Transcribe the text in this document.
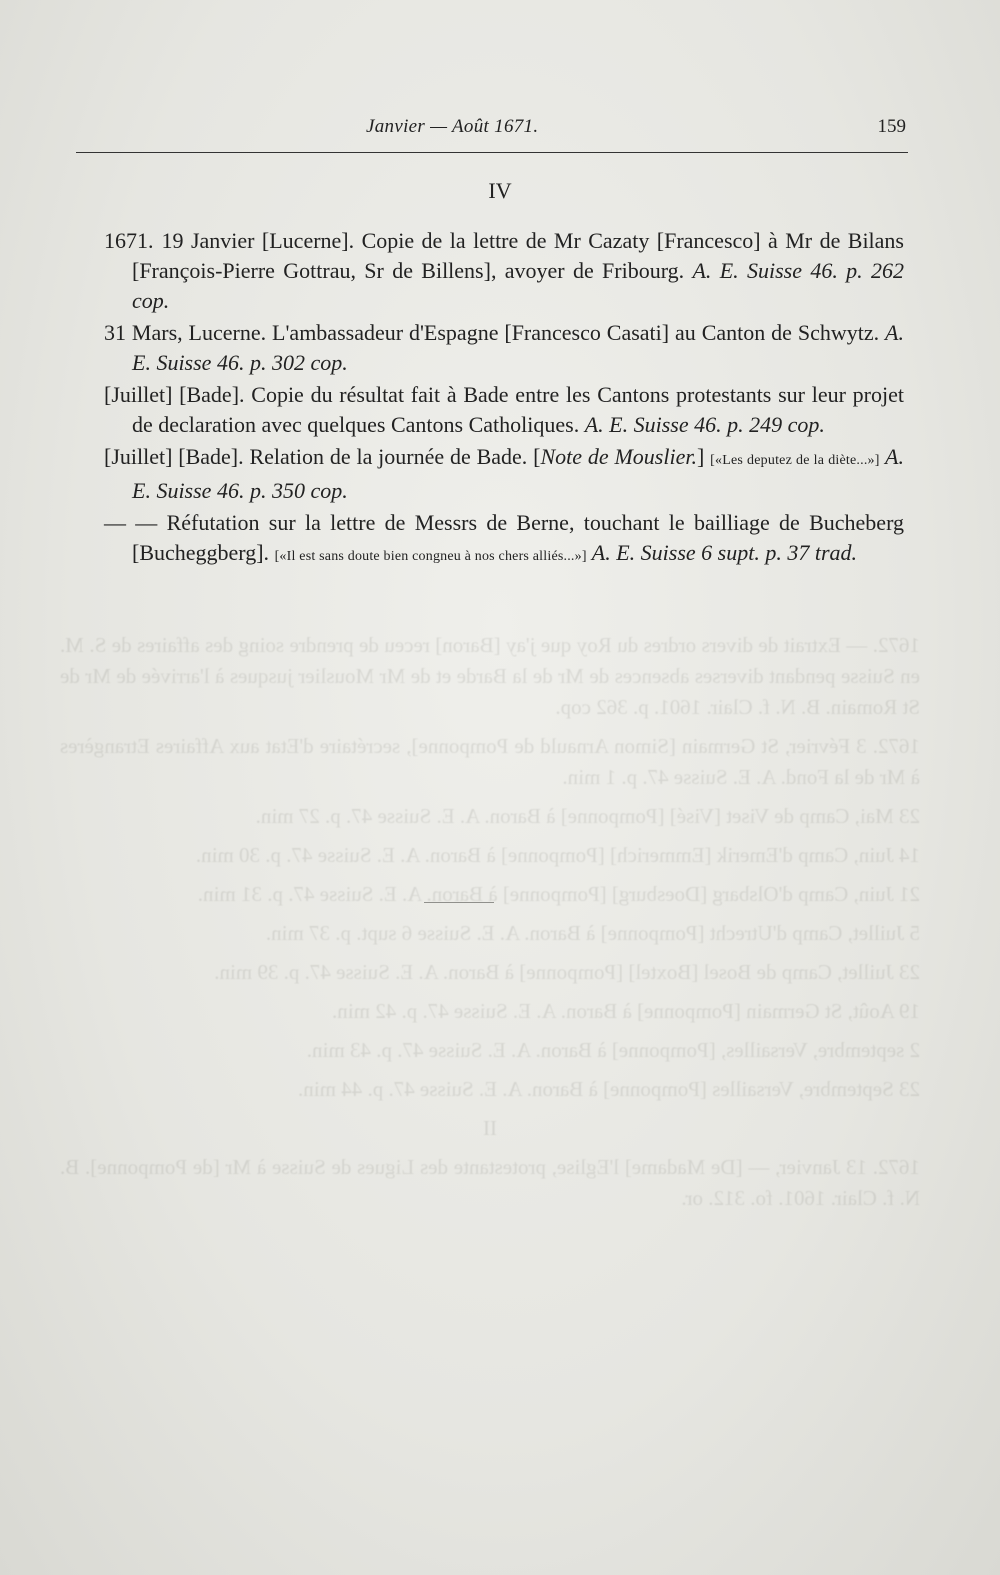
1672. — Extrait de divers ordres du Roy que j'ay [Baron] receu de prendre soing des affaires de S. M. en Suisse pendant diverses absences de Mr de la Barde et de Mr Mouslier jusques à l'arrivée de Mr de St Romain. B. N. f. Clair. 1601. p. 362 cop.

1672. 3 Février, St Germain [Simon Arnauld de Pomponne], secrétaire d'Etat aux Affaires Etrangères à Mr de la Fond. A. E. Suisse 47. p. 1 min.

23 Mai, Camp de Viset [Visé] [Pomponne] à Baron. A. E. Suisse 47. p. 27 min.

14 Juin, Camp d'Emerik [Emmerich] [Pomponne] à Baron. A. E. Suisse 47. p. 30 min.

21 Juin, Camp d'Olsbarg [Doesburg] [Pomponne] à Baron. A. E. Suisse 47. p. 31 min.

5 Juillet, Camp d'Utrecht [Pomponne] à Baron. A. E. Suisse 6 supt. p. 37 min.

23 Juillet, Camp de Bosel [Boxtel] [Pomponne] à Baron. A. E. Suisse 47. p. 39 min.

19 Août, St Germain [Pomponne] à Baron. A. E. Suisse 47. p. 42 min.

2 septembre, Versailles, [Pomponne] à Baron. A. E. Suisse 47. p. 43 min.

23 Septembre, Versailles [Pomponne] à Baron. A. E. Suisse 47. p. 44 min.

II

1672. 13 Janvier, — [De Madame] l'Eglise, protestante des Ligues de Suisse à Mr [de Pomponne]. B. N. f. Clair. 1601. fo. 312. or.

Janvier — Août 1671.	159
IV

1671. 19 Janvier [Lucerne]. Copie de la lettre de Mr Cazaty [Francesco] à Mr de Bilans [François-Pierre Gottrau, Sr de Billens], avoyer de Fribourg. A. E. Suisse 46. p. 262 cop.

31 Mars, Lucerne. L'ambassadeur d'Espagne [Francesco Casati] au Canton de Schwytz. A. E. Suisse 46. p. 302 cop.

[Juillet] [Bade]. Copie du résultat fait à Bade entre les Cantons protestants sur leur projet de declaration avec quelques Cantons Catholiques. A. E. Suisse 46. p. 249 cop.

[Juillet] [Bade]. Relation de la journée de Bade. [Note de Mouslier.] [«Les deputez de la diète...»] A. E. Suisse 46. p. 350 cop.

— — Réfutation sur la lettre de Messrs de Berne, touchant le bailliage de Bucheberg [Bucheggberg]. [«Il est sans doute bien congneu à nos chers alliés...»] A. E. Suisse 6 supt. p. 37 trad.
